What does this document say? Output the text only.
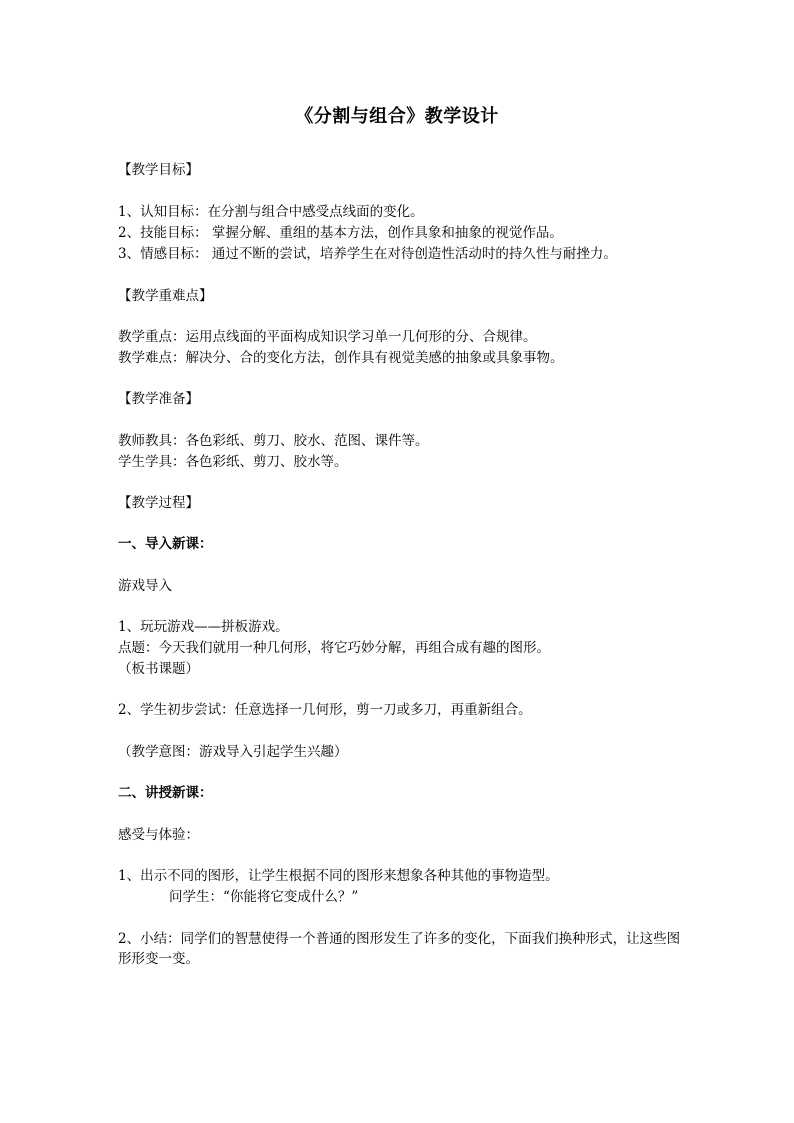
《分割与组合》教学设计
【教学目标】
1、认知目标：在分割与组合中感受点线面的变化。
2、技能目标： 掌握分解、重组的基本方法，创作具象和抽象的视觉作品。
3、情感目标： 通过不断的尝试，培养学生在对待创造性活动时的持久性与耐挫力。
【教学重难点】
教学重点：运用点线面的平面构成知识学习单一几何形的分、合规律。
教学难点：解决分、合的变化方法，创作具有视觉美感的抽象或具象事物。
【教学准备】
教师教具：各色彩纸、剪刀、胶水、范图、课件等。
学生学具：各色彩纸、剪刀、胶水等。
【教学过程】
一、导入新课：
游戏导入
1、玩玩游戏——拼板游戏。
点题：今天我们就用一种几何形，将它巧妙分解，再组合成有趣的图形。
（板书课题）
2、学生初步尝试：任意选择一几何形，剪一刀或多刀，再重新组合。
（教学意图：游戏导入引起学生兴趣）
二、讲授新课：
感受与体验：
1、出示不同的图形，让学生根据不同的图形来想象各种其他的事物造型。
问学生：“你能将它变成什么？”
2、小结：同学们的智慧使得一个普通的图形发生了许多的变化，下面我们换种形式，让这些图形形变一变。
